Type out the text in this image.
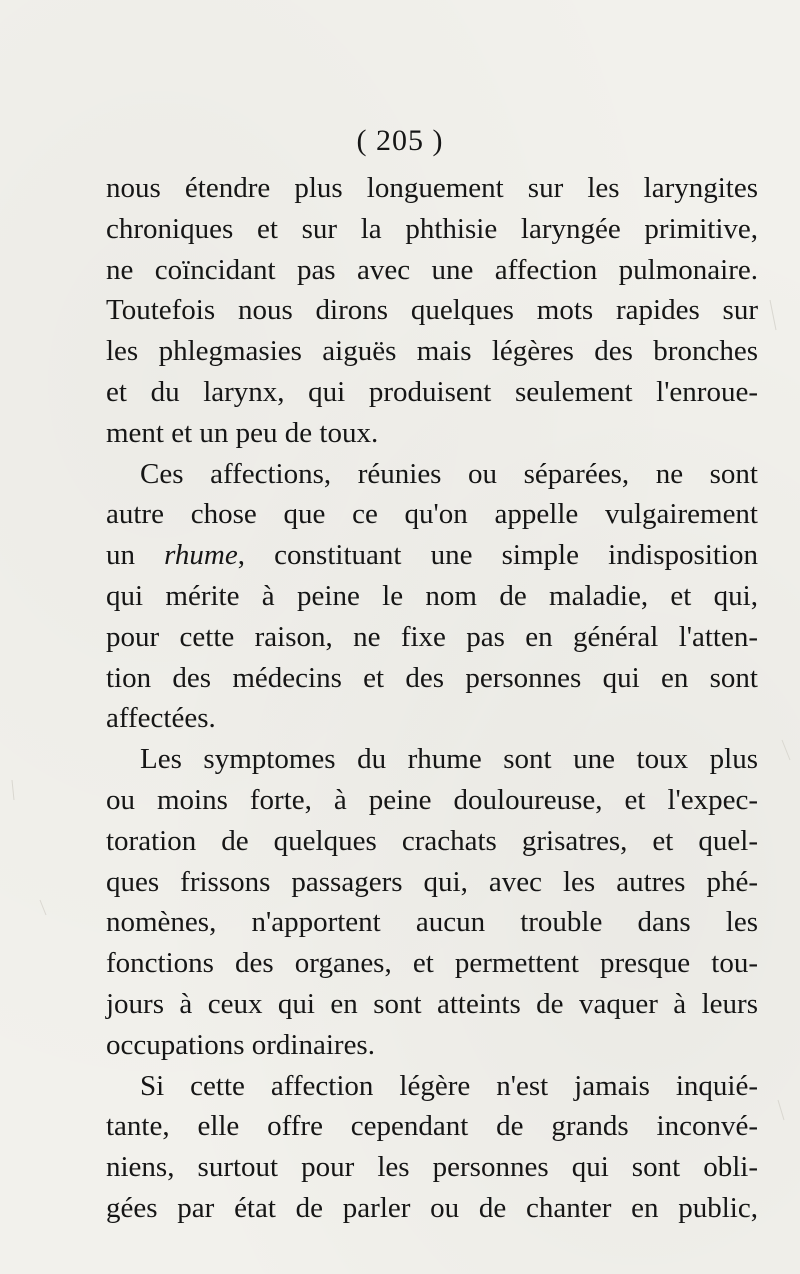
( 205 )
nous étendre plus longuement sur les laryngites
chroniques et sur la phthisie laryngée primitive,
ne coïncidant pas avec une affection pulmonaire.
Toutefois nous dirons quelques mots rapides sur
les phlegmasies aiguës mais légères des bronches
et du larynx, qui produisent seulement l'enroue-
ment et un peu de toux.
Ces affections, réunies ou séparées, ne sont
autre chose que ce qu'on appelle vulgairement
un rhume, constituant une simple indisposition
qui mérite à peine le nom de maladie, et qui,
pour cette raison, ne fixe pas en général l'atten-
tion des médecins et des personnes qui en sont
affectées.
Les symptomes du rhume sont une toux plus
ou moins forte, à peine douloureuse, et l'expec-
toration de quelques crachats grisatres, et quel-
ques frissons passagers qui, avec les autres phé-
nomènes, n'apportent aucun trouble dans les
fonctions des organes, et permettent presque tou-
jours à ceux qui en sont atteints de vaquer à leurs
occupations ordinaires.
Si cette affection légère n'est jamais inquié-
tante, elle offre cependant de grands inconvé-
niens, surtout pour les personnes qui sont obli-
gées par état de parler ou de chanter en public,
